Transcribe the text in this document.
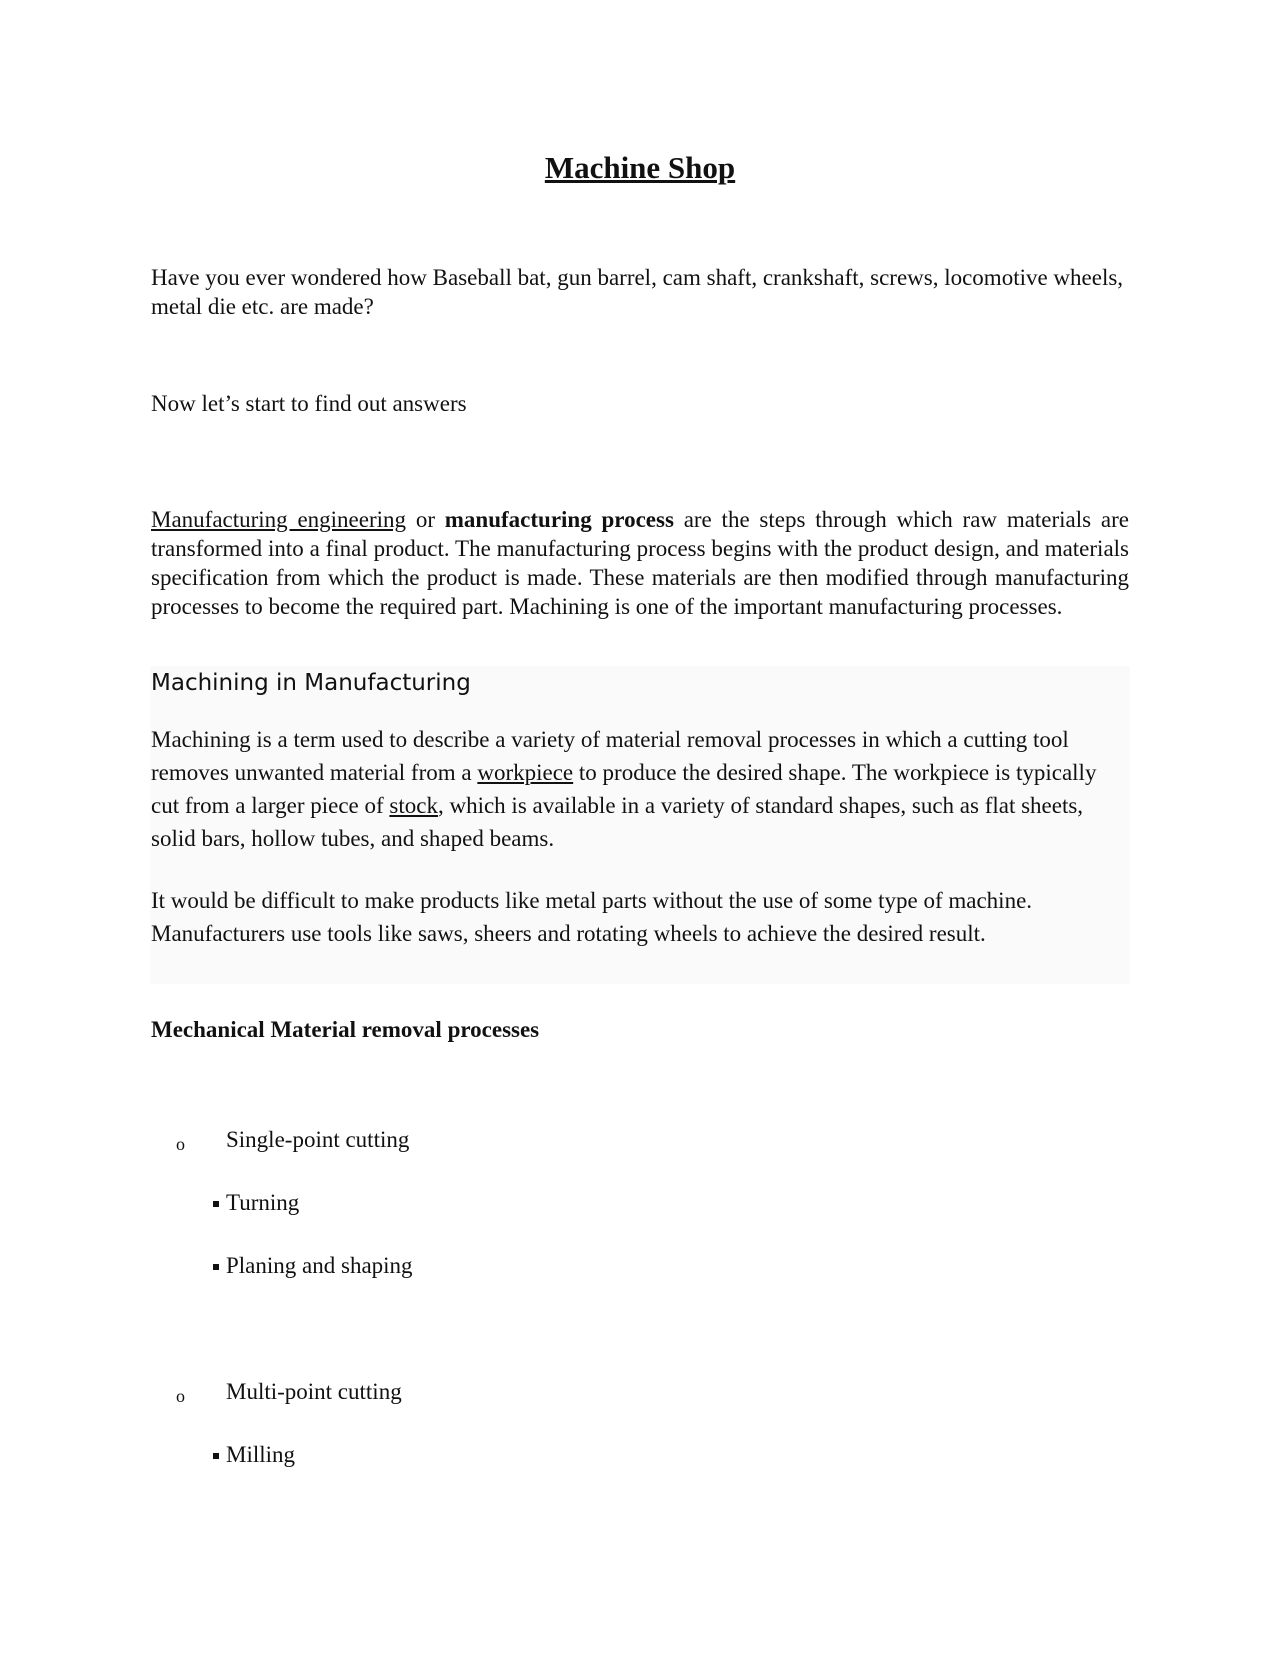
Machine Shop

Have you ever wondered how Baseball bat, gun barrel, cam shaft, crankshaft, screws, locomotive wheels, metal die etc. are made?

Now let’s start to find out answers

Manufacturing engineering or manufacturing process are the steps through which raw materials are transformed into a final product. The manufacturing process begins with the product design, and materials specification from which the product is made. These materials are then modified through manufacturing processes to become the required part. Machining is one of the important manufacturing processes.

Machining in Manufacturing

Machining is a term used to describe a variety of material removal processes in which a cutting tool removes unwanted material from a workpiece to produce the desired shape. The workpiece is typically cut from a larger piece of stock, which is available in a variety of standard shapes, such as flat sheets, solid bars, hollow tubes, and shaped beams.

It would be difficult to make products like metal parts without the use of some type of machine. Manufacturers use tools like saws, sheers and rotating wheels to achieve the desired result.

Mechanical Material removal processes

o Single-point cutting
Turning
Planing and shaping
o Multi-point cutting
Milling
